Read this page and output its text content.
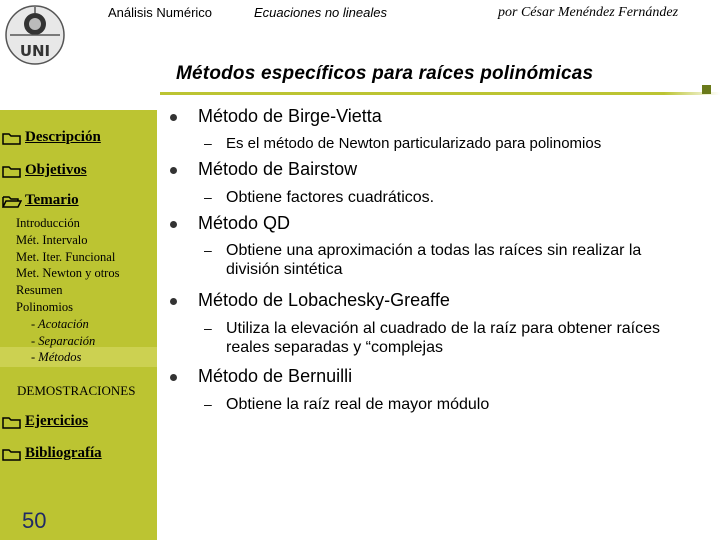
UNI
Análisis Numérico	Ecuaciones no lineales	por César Menéndez Fernández
Métodos específicos para raíces polinómicas
Descripción
Objetivos
Temario
Introducción
Mét. Intervalo
Met. Iter. Funcional
Met. Newton y otros
Resumen
Polinomios
- Acotación
- Separación
- Métodos
DEMOSTRACIONES
Ejercicios
Bibliografía
50
Método de Birge-Vietta
– Es el método de Newton particularizado para polinomios
Método de Bairstow
– Obtiene factores cuadráticos.
Método QD
– Obtiene una aproximación a todas las raíces sin realizar la división sintética
Método de Lobachesky-Greaffe
– Utiliza la elevación al cuadrado de la raíz para obtener raíces reales separadas y “complejas
Método de Bernuilli
– Obtiene la raíz real de mayor módulo
